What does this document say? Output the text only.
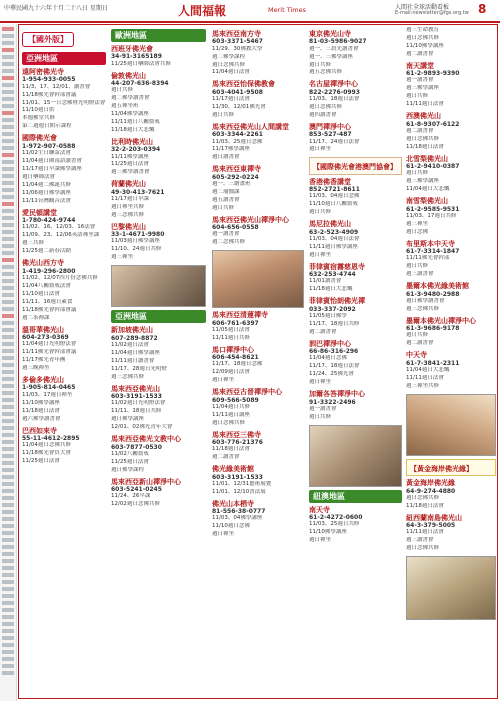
中華民國九十六年十月二十八日 星期日	人間福報	Merit Times	人間社全球活動看板
E-mail:newsletter@fgs.org.tw 8
【國外版】
亞洲地區
遠阿密佛光寺
1-954-933-0055
11/3、17、12/01、讀書會
11/18佛光會幹部會議
11/01、15一日念佛暨光明燈法會
11/10週日供
本週佛堂共修
第二週週日開示課程
國際佛光會
1-972-907-0588
11/02生日聯誼法會
11/04週日閩南語讀書會
11/17週日早課佛學講座
週日藥師法會
11/04週二佛誕共修
11/06週日佛學講座
11/11台灣觀音法會
愛民頓講堂
1-780-424-9744
11/02、16、12/03、16法會
11/09、23、12/06英語禪坐課
週三共修
11/25週二新春活動
佛光山西方寺
1-419-296-2800
11/02、12/07四月份念佛共修
11/04八關齋戒法會
11/10週日法會
11/11、16週日素食
11/18佛光會幹部會議
週二茶禪課
溫哥華佛光山
604-273-0369
11/04週日光明燈法會
11/11佛光會幹部會議
11/17佛光青年團
週三晚禪坐
多倫多佛光山
1-905-814-0465
11/03、17週日禪坐
11/10佛學講座
11/18週日法會
週六佛學讀書會
巴西如來寺
55-11-4612-2895
11/04週日念佛共修
11/18佛光會員大會
11/25週日法會
歐洲地區
西班牙佛光會
34-91-3165189
11/25週日藥師法會共修
倫敦佛光山
44-207-636-8394
週日共修
週二佛學讀書會
週五禪坐班
11/04佛學講座
11/11週日八關齋戒
11/18週日大悲懺
比利時佛光山
32-2-203-0394
11/11佛學講座
11/25週日法會
週三佛學讀書會
荷蘭佛光山
49-30-413-7621
11/17週日早課
週日禪坐共修
週三念佛共修
巴黎佛光山
33-1-4671-9980
11/03週日佛學講座
11/10、24週日共修
週三禪坐
亞洲地區
新加坡佛光山
607-289-8872
11/02週日法會
11/04週日佛學講座
11/11週日讀書會
11/17、28週日光明燈
週三念佛共修
馬來西亞佛光山
603-3191-1533
11/02週日光明燈法會
11/11、18週日共修
週日佛學講座
12/01、02佛光青年大會
馬來西亞佛光文教中心
603-7877-0530
11/02八關齋戒
11/25週日法會
週日佛學課程
馬來西亞新山禪淨中心
603-5241-0245
11/24、26早課
12/02週日念佛共修
馬來西亞南方寺
603-3371-5467
11/29、30佛教大學
週二佛學課程
週日念佛共修
11/04週日法會
馬來西亞怡保佛教會
603-4041-9508
11/17週日法會
11/30、12/01佛光會
週日共修
馬來西亞佛光山人間講堂
603-3344-2261
11/03、25週日念佛
11/17佛學講座
週日讀書會
馬來西亞東禪寺
605-292-0224
週一、三繪畫班
週二瑜伽課
週五讀書會
週日共修
馬來西亞佛光山禪淨中心
604-656-0558
週一讀書會
週二念佛共修
馬來西亞清蓮禪寺
606-761-6397
11/05週日法會
11/11週日共修
馬口禪淨中心
606-454-8621
11/17、18週日念佛
12/09週日法會
週日禪坐
馬來西亞古晉禪淨中心
609-566-5089
11/04週日共修
11/11週日講座
週日念佛共修
馬來西亞三佛寺
603-776-21376
11/18週日法會
週二讀書會
佛光緣美術館
603-3191-1533
11/01、12/31藝術展覽
11/01、12/10書法展
佛光山本栖寺
81-556-38-0777
11/03、04佛學講座
11/10週日念佛
週日禪坐
東京佛光山寺
81-03-5986-9027
週一、三晨光讀書會
週一、三佛學講座
週日共修
週五念佛共修
名古屋禪淨中心
822-2276-0993
11/03、18週日法會
週日念佛共修
週四讀書會
澳門禪淨中心
853-527-487
11/17、24週日法會
週日禪坐
【國際佛光會港澳門協會】
香港佛香講堂
852-2721-8611
11/03、04週日念佛
11/10週日八關齋戒
週日共修
馬尼拉佛光山
63-2-523-4909
11/03、04週日法會
11/11週日佛學講座
週日禪坐
菲律賓宿霧慈恩寺
632-253-4744
11/01讀書會
11/18週日大悲懺
菲律賓怡朗佛光禪
033-337-2092
11/05週日佛學
11/17、18週日共修
週二讀書會
泗巴禪淨中心
66-86-316-296
11/04週日念佛
11/17、18週日法會
11/24、25佛光會
週日禪坐
加爾各答禪淨中心
91-3322-2496
週一讀書會
週日共修
紐澳地區
南天寺
61-2-4272-0600
11/03、25週日共修
11/10佛學講座
週日禪坐
週三生命教育
週日念佛共修
11/10佛學講座
週二讀書會
南天講堂
61-2-9893-9390
週一讀書會
週三佛學講座
週日共修
11/11週日法會
西澳佛光山
61-8-9307-6122
週二讀書會
週日念佛共修
11/18週日法會
北雪梨佛光山
61-2-9410-0387
週日共修
週三佛學講座
11/04週日大悲懺
南雪梨佛光山
61-2-9585-9531
11/03、17週日共修
週三禪坐
週日念佛
布里斯本中天寺
61-7-3314-1847
11/11佛光會幹部
週日共修
週三讀書會
墨爾本佛光緣美術館
61-3-9480-2988
週日佛學讀書會
週三念佛共修
墨爾本佛光山禪淨中心
61-3-9686-9178
週日共修
週二讀書會
中天寺
61-7-3841-2311
11/04週日大悲懺
11/11週日法會
週三禪坐共修
【黃金海岸佛光緣】
黃金海岸佛光緣
64-9-274-4880
週日念佛共修
11/18週日法會
紐西蘭南島佛光山
64-3-379-5005
11/11週日法會
週三讀書會
週日念佛共修
